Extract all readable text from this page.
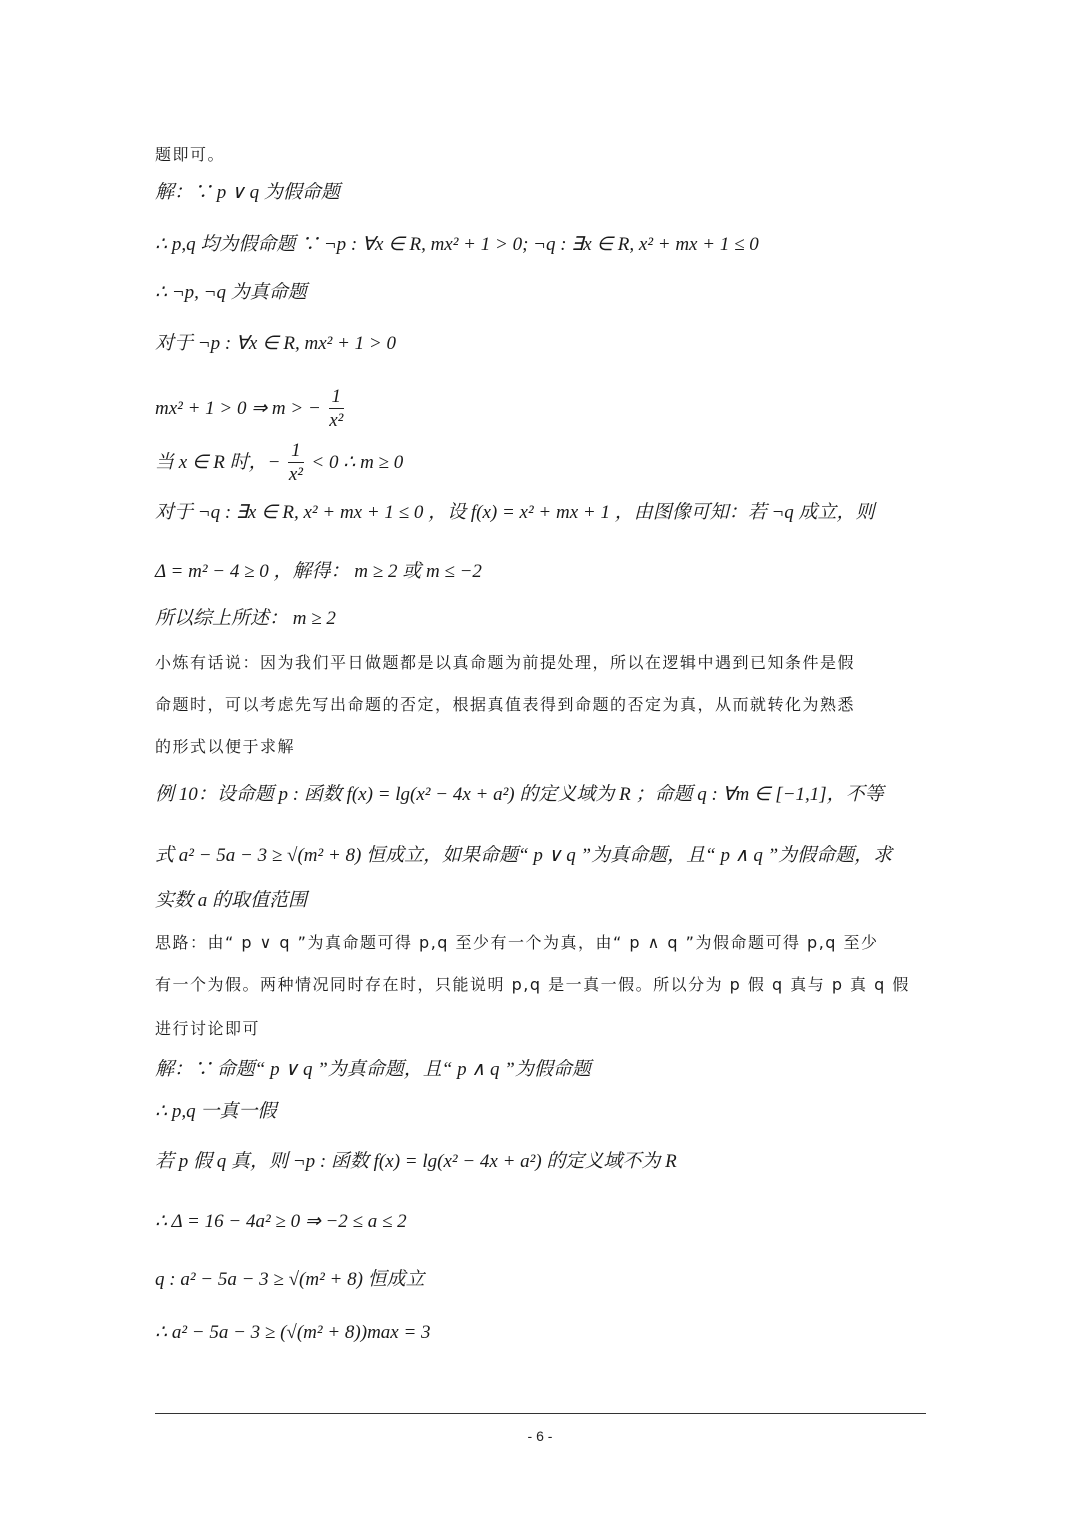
题即可。
解：∵ p ∨ q 为假命题
∴ p,q 均为假命题 ∵ ¬p : ∀x ∈ R, mx² + 1 > 0; ¬q : ∃x ∈ R, x² + mx + 1 ≤ 0
∴ ¬p, ¬q 为真命题
对于 ¬p : ∀x ∈ R, mx² + 1 > 0
mx² + 1 > 0 ⇒ m > − $\frac{1}{\text{x²}}$
当 x ∈ R 时，− $\frac{1}{\text{x²}} < 0$ ∴ m ≥ 0
对于 ¬q : ∃x ∈ R, x² + mx + 1 ≤ 0 ，设 f(x) = x² + mx + 1 ，由图像可知：若 ¬q 成立，则
Δ = m² − 4 ≥ 0 ，解得： m ≥ 2 或 m ≤ −2
所以综上所述： m ≥ 2
小炼有话说：因为我们平日做题都是以真命题为前提处理，所以在逻辑中遇到已知条件是假
命题时，可以考虑先写出命题的否定，根据真值表得到命题的否定为真，从而就转化为熟悉
的形式以便于求解
例 10：设命题 p : 函数 f(x) = lg(x² − 4x + a²) 的定义域为 R ；命题 q : ∀m ∈ [−1,1]，不等
式 a² − 5a − 3 ≥ √(m² + 8) 恒成立，如果命题“ p ∨ q ”为真命题，且“ p ∧ q ”为假命题，求
实数 a 的取值范围
思路：由“ p ∨ q ”为真命题可得 p,q 至少有一个为真，由“ p ∧ q ”为假命题可得 p,q 至少
有一个为假。两种情况同时存在时，只能说明 p,q 是一真一假。所以分为 p 假 q 真与 p 真 q 假
进行讨论即可
解：∵ 命题“ p ∨ q ”为真命题，且“ p ∧ q ”为假命题
∴ p,q 一真一假
若 p 假 q 真，则 ¬p : 函数 f(x) = lg(x² − 4x + a²) 的定义域不为 R
∴ Δ = 16 − 4a² ≥ 0 ⇒ −2 ≤ a ≤ 2
q : a² − 5a − 3 ≥ √(m² + 8) 恒成立
∴ a² − 5a − 3 ≥ (√(m² + 8))max = 3
- 6 -
